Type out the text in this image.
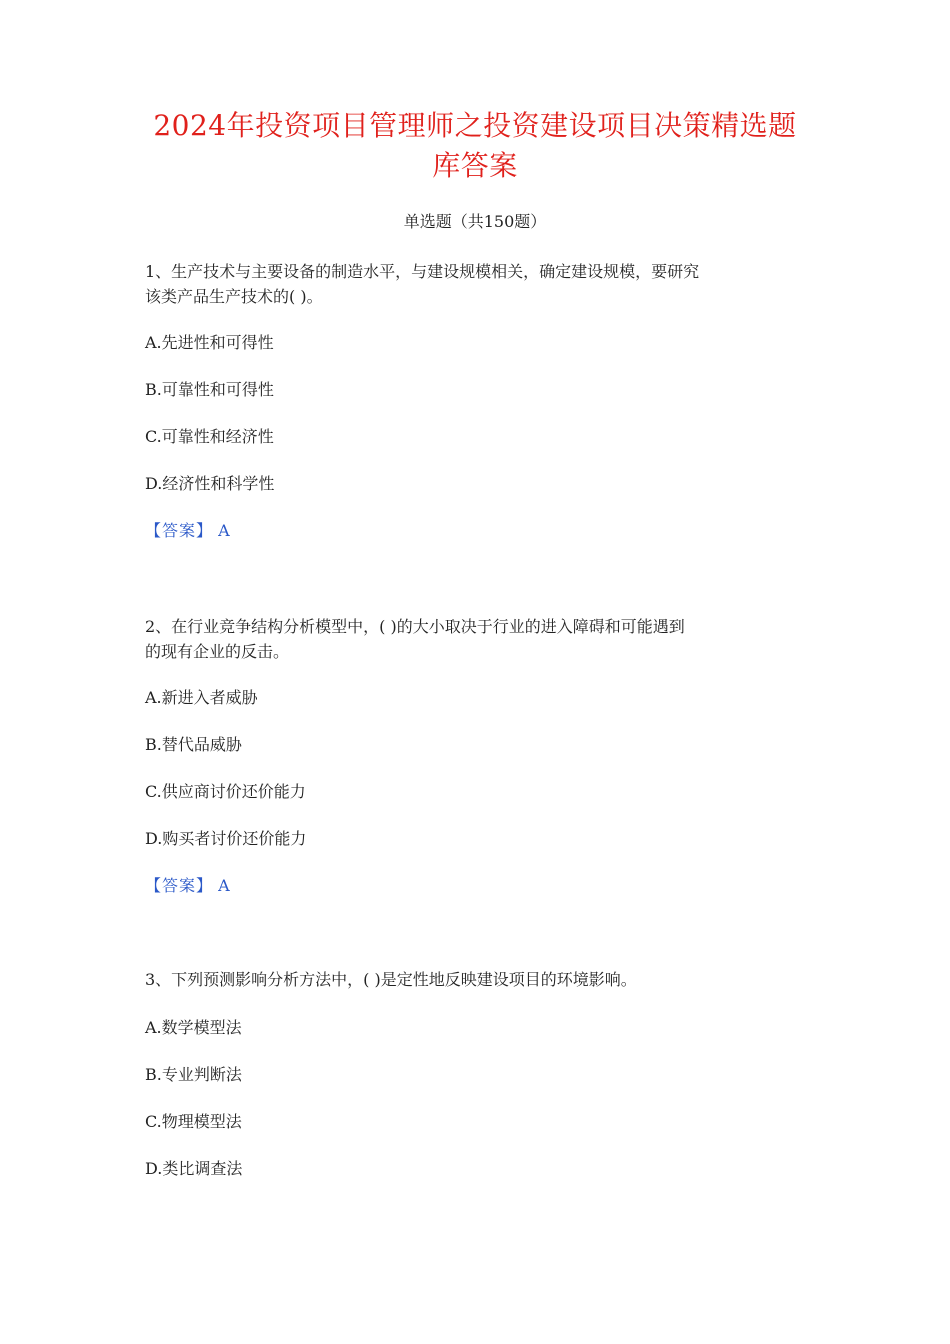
2024年投资项目管理师之投资建设项目决策精选题
库答案
单选题（共150题）
1、生产技术与主要设备的制造水平，与建设规模相关，确定建设规模，要研究
该类产品生产技术的( )。
A.先进性和可得性
B.可靠性和可得性
C.可靠性和经济性
D.经济性和科学性
【答案】 A
2、在行业竞争结构分析模型中，( )的大小取决于行业的进入障碍和可能遇到
的现有企业的反击。
A.新进入者威胁
B.替代品威胁
C.供应商讨价还价能力
D.购买者讨价还价能力
【答案】 A
3、下列预测影响分析方法中，( )是定性地反映建设项目的环境影响。
A.数学模型法
B.专业判断法
C.物理模型法
D.类比调查法
